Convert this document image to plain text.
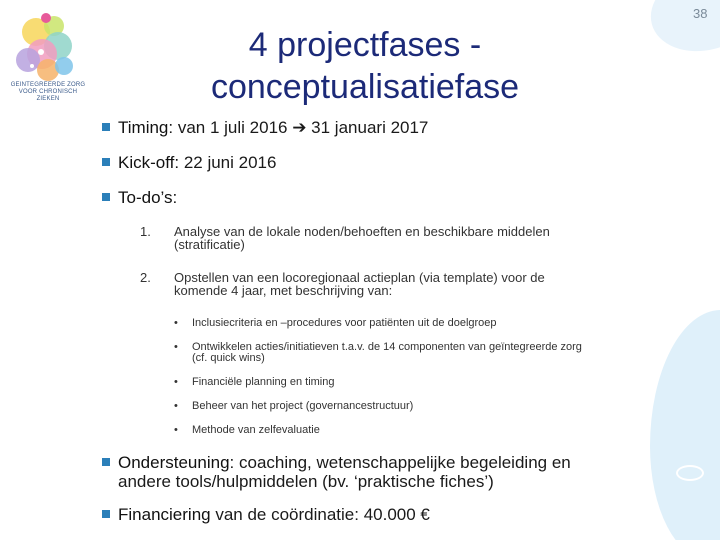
38
GEINTEGREERDE ZORG VOOR CHRONISCH ZIEKEN
4 projectfases -
conceptualisatiefase
Timing: van 1 juli 2016 ➔ 31 januari 2017
Kick-off: 22 juni 2016
To-do’s:
1.	Analyse van de lokale noden/behoeften en beschikbare middelen
(stratificatie)
2.	Opstellen van een locoregionaal actieplan (via template) voor de
komende 4 jaar, met beschrijving van:
• Inclusiecriteria en –procedures voor patiënten uit de doelgroep
• Ontwikkelen acties/initiatieven t.a.v. de 14 componenten van geïntegreerde zorg
(cf. quick wins)
• Financiële planning en timing
• Beheer van het project (governancestructuur)
• Methode van zelfevaluatie
Ondersteuning: coaching, wetenschappelijke begeleiding en
andere tools/hulpmiddelen (bv. ‘praktische fiches’)
Financiering van de coördinatie: 40.000 €
